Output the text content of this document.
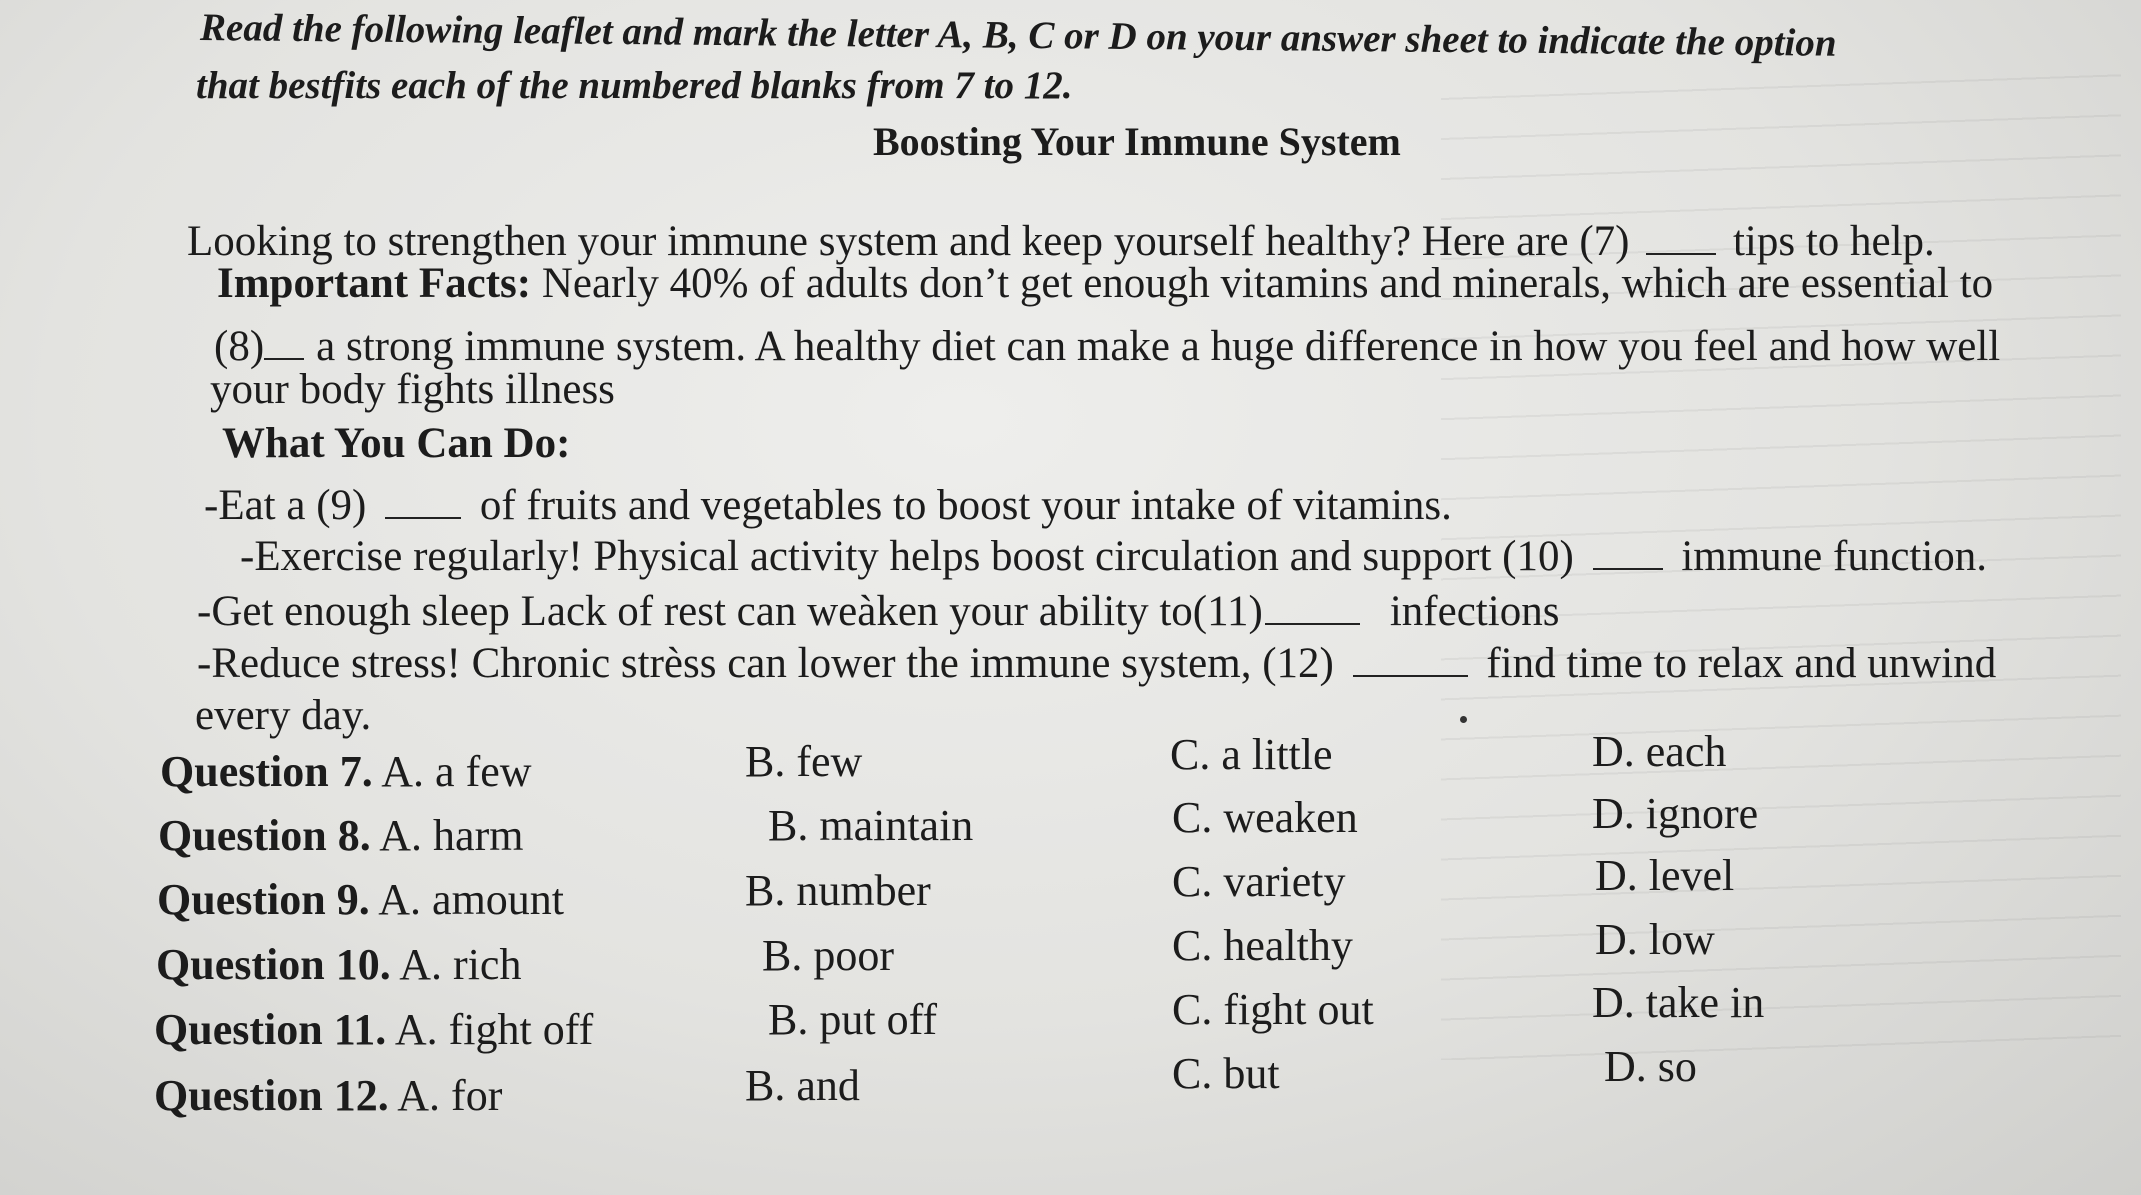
Read the following leaflet and mark the letter A, B, C or D on your answer sheet to indicate the option
that bestfits each of the numbered blanks from 7 to 12.
Boosting Your Immune System
Looking to strengthen your immune system and keep yourself healthy? Here are (7) tips to help.
Important Facts: Nearly 40% of adults don’t get enough vitamins and minerals, which are essential to
(8) a strong immune system. A healthy diet can make a huge difference in how you feel and how well
your body fights illness
What You Can Do:
-Eat a (9)	of fruits and vegetables to boost your intake of vitamins.
-Exercise regularly! Physical activity helps boost circulation and support (10)	immune function.
-Get enough sleep Lack of rest can weàken your ability to(11)	infections
-Reduce stress! Chronic strèss can lower the immune system, (12)	find time to relax and unwind
every day.
Question 7. A. a few	B. few	C. a little	D. each
Question 8. A. harm	B. maintain	C. weaken	D. ignore
Question 9. A. amount	B. number	C. variety	D. level
Question 10. A. rich	B. poor	C. healthy	D. low
Question 11. A. fight off	B. put off	C. fight out	D. take in
Question 12. A. for	B. and	C. but	D. so
